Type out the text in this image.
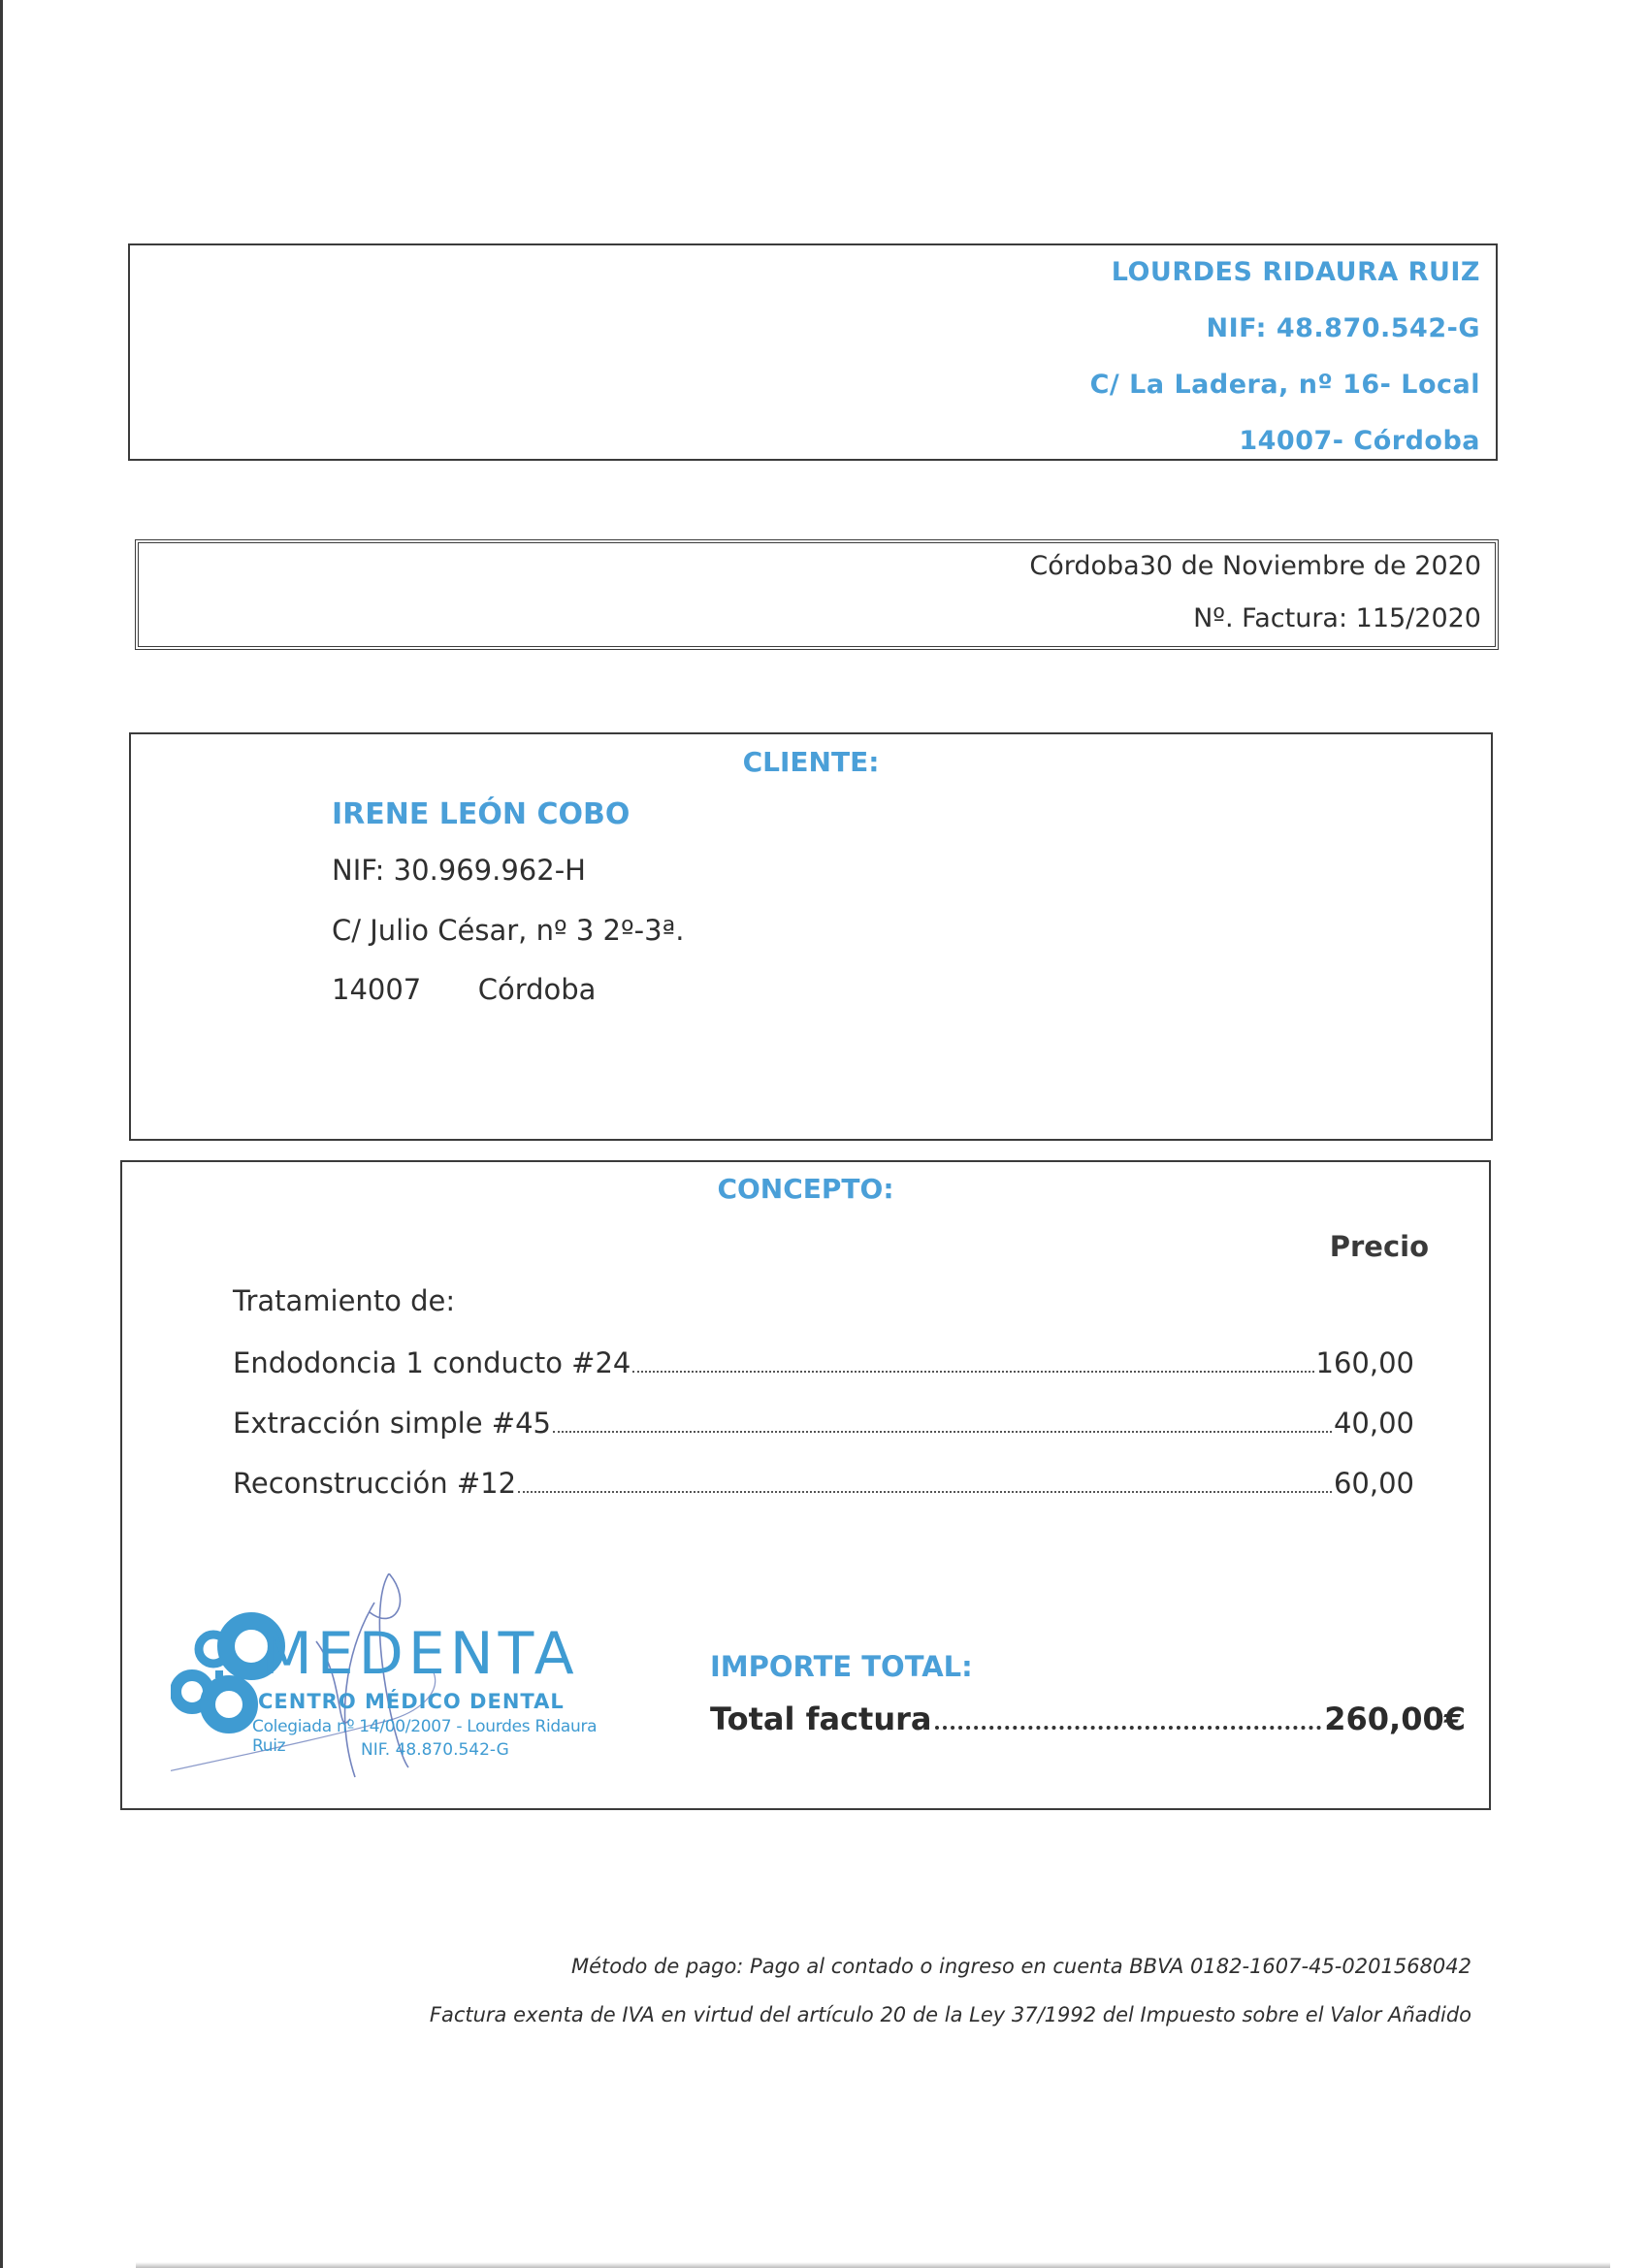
LOURDES RIDAURA RUIZ
NIF: 48.870.542-G
C/ La Ladera, nº 16- Local
14007- Córdoba
Córdoba30 de Noviembre de 2020
Nº. Factura: 115/2020
CLIENTE:
IRENE LEÓN COBO
NIF: 30.969.962-H
C/ Julio César, nº 3 2º-3ª.
14007 Córdoba
CONCEPTO:
Precio
Tratamiento de:
Endodoncia 1 conducto #24	160,00
Extracción simple #45	40,00
Reconstrucción #12	60,00
IMPORTE TOTAL:
Total factura	260,00€
MEDENTA
CENTRO MÉDICO DENTAL
Colegiada nº 14/00/2007 - Lourdes Ridaura Ruiz	NIF. 48.870.542-G
Método de pago: Pago al contado o ingreso en cuenta BBVA 0182-1607-45-0201568042
Factura exenta de IVA en virtud del artículo 20 de la Ley 37/1992 del Impuesto sobre el Valor Añadido
